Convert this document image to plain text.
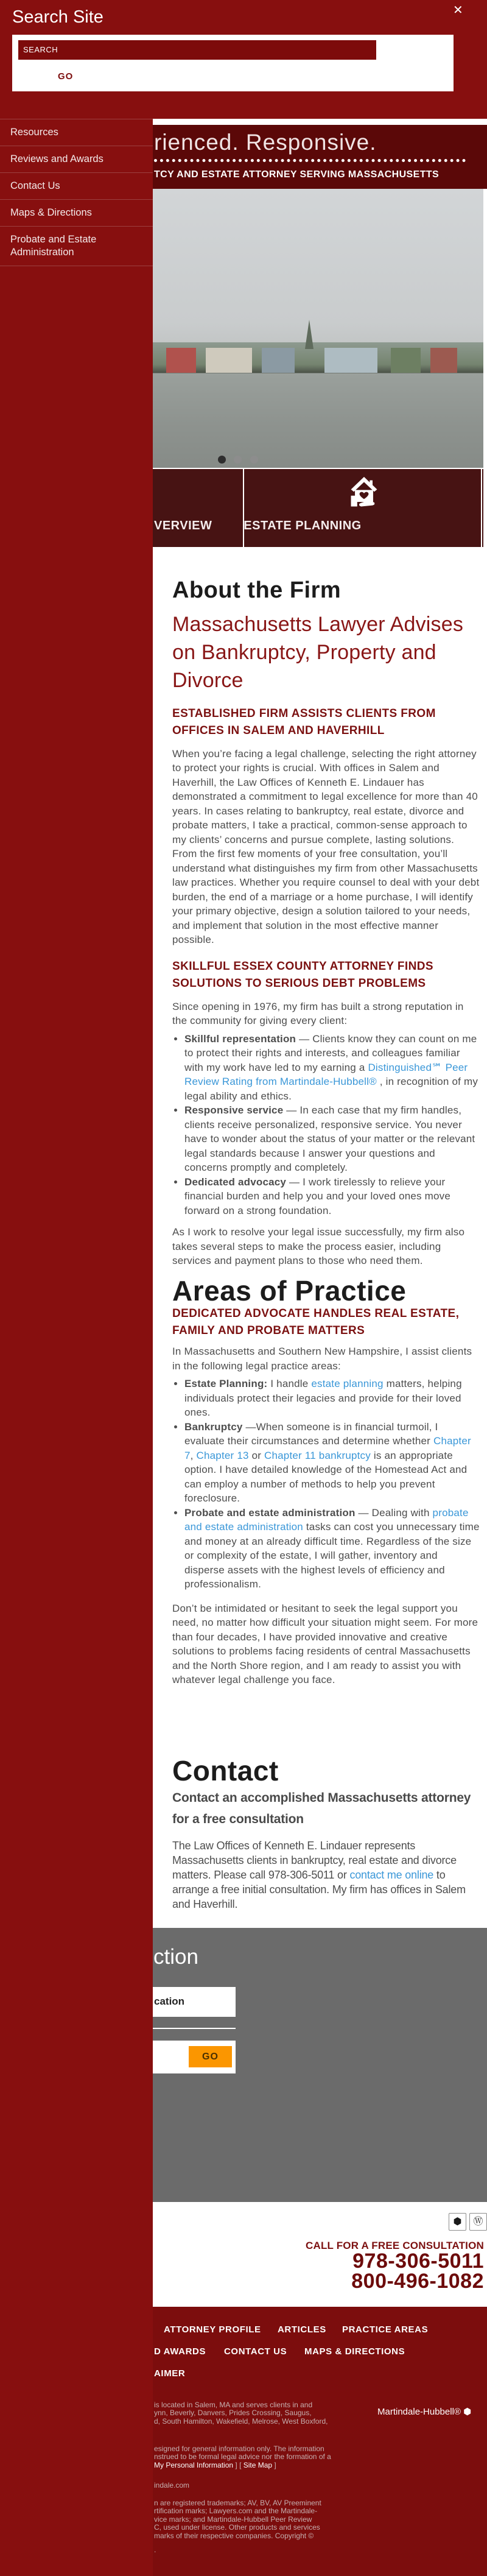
rienced. Responsive.
TCY AND ESTATE ATTORNEY SERVING MASSACHUSETTS

VERVIEW	ESTATE PLANNING
About the Firm
Massachusetts Lawyer Advises on Bankruptcy, Property and Divorce
ESTABLISHED FIRM ASSISTS CLIENTS FROM OFFICES IN SALEM AND HAVERHILL

When you’re facing a legal challenge, selecting the right attorney to protect your rights is crucial. With offices in Salem and Haverhill, the Law Offices of Kenneth E. Lindauer has demonstrated a commitment to legal excellence for more than 40 years. In cases relating to bankruptcy, real estate, divorce and probate matters, I take a practical, common-sense approach to my clients’ concerns and pursue complete, lasting solutions. From the first few moments of your free consultation, you’ll understand what distinguishes my firm from other Massachusetts law practices. Whether you require counsel to deal with your debt burden, the end of a marriage or a home purchase, I will identify your primary objective, design a solution tailored to your needs, and implement that solution in the most effective manner possible.

SKILLFUL ESSEX COUNTY ATTORNEY FINDS SOLUTIONS TO SERIOUS DEBT PROBLEMS

Since opening in 1976, my firm has built a strong reputation in the community for giving every client:

• Skillful representation — Clients know they can count on me to protect their rights and interests, and colleagues familiar with my work have led to my earning a Distinguished℠ Peer Review Rating from Martindale-Hubbell® , in recognition of my legal ability and ethics.
• Responsive service — In each case that my firm handles, clients receive personalized, responsive service. You never have to wonder about the status of your matter or the relevant legal standards because I answer your questions and concerns promptly and completely.
• Dedicated advocacy — I work tirelessly to relieve your financial burden and help you and your loved ones move forward on a strong foundation.

As I work to resolve your legal issue successfully, my firm also takes several steps to make the process easier, including services and payment plans to those who need them.

Areas of Practice
DEDICATED ADVOCATE HANDLES REAL ESTATE, FAMILY AND PROBATE MATTERS

In Massachusetts and Southern New Hampshire, I assist clients in the following legal practice areas:

• Estate Planning: I handle estate planning matters, helping individuals protect their legacies and provide for their loved ones.
• Bankruptcy —When someone is in financial turmoil, I evaluate their circumstances and determine whether Chapter 7, Chapter 13 or Chapter 11 bankruptcy is an appropriate option. I have detailed knowledge of the Homestead Act and can employ a number of methods to help you prevent foreclosure.
• Probate and estate administration — Dealing with probate and estate administration tasks can cost you unnecessary time and money at an already difficult time. Regardless of the size or complexity of the estate, I will gather, inventory and disperse assets with the highest levels of efficiency and professionalism.

Don’t be intimidated or hesitant to seek the legal support you need, no matter how difficult your situation might seem. For more than four decades, I have provided innovative and creative solutions to problems facing residents of central Massachusetts and the North Shore region, and I am ready to assist you with whatever legal challenge you face.

Contact
Contact an accomplished Massachusetts attorney for a free consultation

The Law Offices of Kenneth E. Lindauer represents Massachusetts clients in bankruptcy, real estate and divorce matters. Please call 978-306-5011 or contact me online to arrange a free initial consultation. My firm has offices in Salem and Haverhill.

ction
cation
GO
⬢	Ⓦ
CALL FOR A FREE CONSULTATION
978-306-5011
800-496-1082
ATTORNEY PROFILE ARTICLES PRACTICE AREAS
D AWARDS CONTACT US MAPS & DIRECTIONS
AIMER
is located in Salem, MA and serves clients in and
ynn, Beverly, Danvers, Prides Crossing, Saugus,
d, South Hamilton, Wakefield, Melrose, West Boxford,
Martindale-Hubbell® ⬢
esigned for general information only. The information
nstrued to be formal legal advice nor the formation of a
My Personal Information ] [ Site Map ]
indale.com
n are registered trademarks; AV, BV, AV Preeminent
rtification marks; Lawyers.com and the Martindale-
vice marks; and Martindale-Hubbell Peer Review
C, used under license. Other products and services
marks of their respective companies. Copyright ©
.
Search Site	✕
SEARCH
GO
Resources
Reviews and Awards
Contact Us
Maps & Directions
Probate and Estate Administration
